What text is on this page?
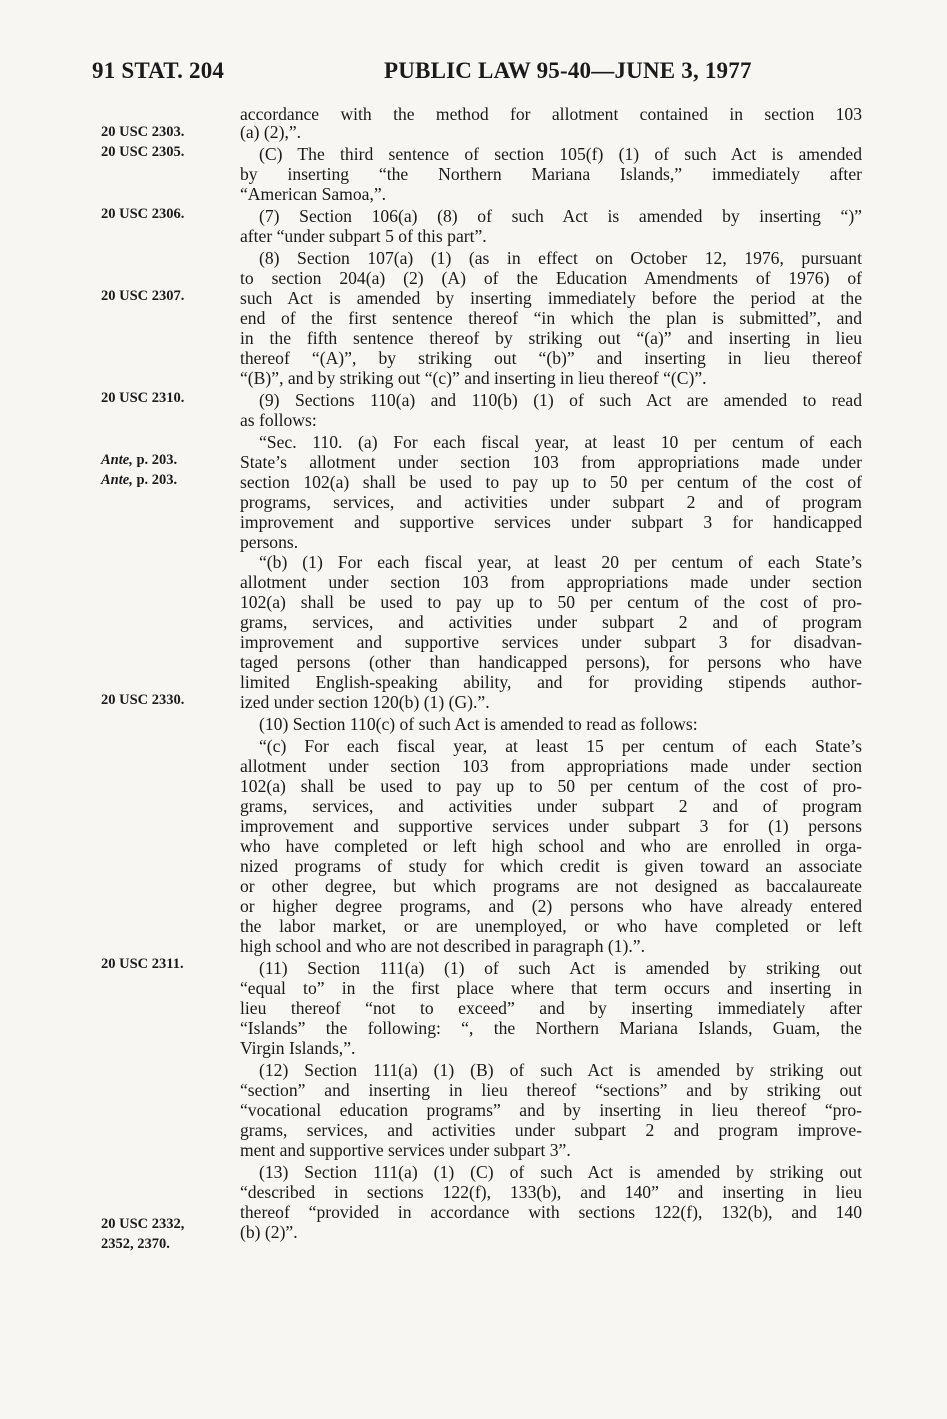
91 STAT. 204	PUBLIC LAW 95-40—JUNE 3, 1977
20 USC 2303.
20 USC 2305.
20 USC 2306.
20 USC 2307.
20 USC 2310.
Ante, p. 203.
Ante, p. 203.
20 USC 2330.
20 USC 2311.
20 USC 2332,
2352, 2370.
accordance with the method for allotment contained in section 103
(a) (2),”.
(C) The third sentence of section 105(f) (1) of such Act is amended
by inserting “the Northern Mariana Islands,” immediately after
“American Samoa,”.
(7) Section 106(a) (8) of such Act is amended by inserting “)”
after “under subpart 5 of this part”.
(8) Section 107(a) (1) (as in effect on October 12, 1976, pursuant
to section 204(a) (2) (A) of the Education Amendments of 1976) of
such Act is amended by inserting immediately before the period at the
end of the first sentence thereof “in which the plan is submitted”, and
in the fifth sentence thereof by striking out “(a)” and inserting in lieu
thereof “(A)”, by striking out “(b)” and inserting in lieu thereof
“(B)”, and by striking out “(c)” and inserting in lieu thereof “(C)”.
(9) Sections 110(a) and 110(b) (1) of such Act are amended to read
as follows:
“Sec. 110. (a) For each fiscal year, at least 10 per centum of each
State’s allotment under section 103 from appropriations made under
section 102(a) shall be used to pay up to 50 per centum of the cost of
programs, services, and activities under subpart 2 and of program
improvement and supportive services under subpart 3 for handicapped
persons.
“(b) (1) For each fiscal year, at least 20 per centum of each State’s
allotment under section 103 from appropriations made under section
102(a) shall be used to pay up to 50 per centum of the cost of pro-
grams, services, and activities under subpart 2 and of program
improvement and supportive services under subpart 3 for disadvan-
taged persons (other than handicapped persons), for persons who have
limited English-speaking ability, and for providing stipends author-
ized under section 120(b) (1) (G).”.
(10) Section 110(c) of such Act is amended to read as follows:
“(c) For each fiscal year, at least 15 per centum of each State’s
allotment under section 103 from appropriations made under section
102(a) shall be used to pay up to 50 per centum of the cost of pro-
grams, services, and activities under subpart 2 and of program
improvement and supportive services under subpart 3 for (1) persons
who have completed or left high school and who are enrolled in orga-
nized programs of study for which credit is given toward an associate
or other degree, but which programs are not designed as baccalaureate
or higher degree programs, and (2) persons who have already entered
the labor market, or are unemployed, or who have completed or left
high school and who are not described in paragraph (1).”.
(11) Section 111(a) (1) of such Act is amended by striking out
“equal to” in the first place where that term occurs and inserting in
lieu thereof “not to exceed” and by inserting immediately after
“Islands” the following: “, the Northern Mariana Islands, Guam, the
Virgin Islands,”.
(12) Section 111(a) (1) (B) of such Act is amended by striking out
“section” and inserting in lieu thereof “sections” and by striking out
“vocational education programs” and by inserting in lieu thereof “pro-
grams, services, and activities under subpart 2 and program improve-
ment and supportive services under subpart 3”.
(13) Section 111(a) (1) (C) of such Act is amended by striking out
“described in sections 122(f), 133(b), and 140” and inserting in lieu
thereof “provided in accordance with sections 122(f), 132(b), and 140
(b) (2)”.
